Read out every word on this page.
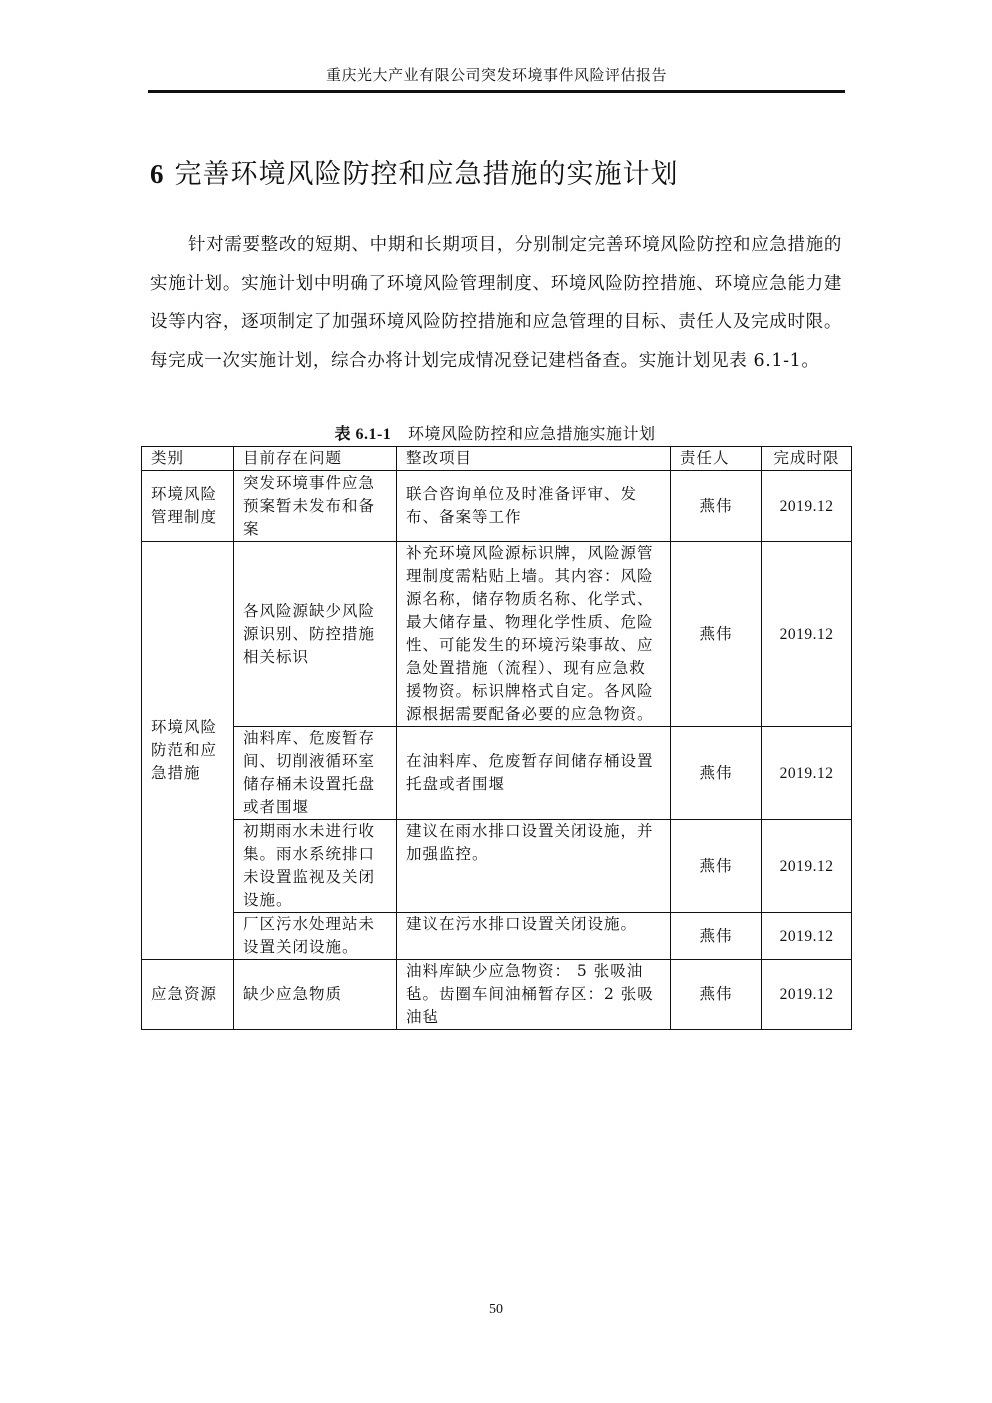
重庆光大产业有限公司突发环境事件风险评估报告
6 完善环境风险防控和应急措施的实施计划

针对需要整改的短期、中期和长期项目，分别制定完善环境风险防控和应急措施的实施计划。实施计划中明确了环境风险管理制度、环境风险防控措施、环境应急能力建设等内容，逐项制定了加强环境风险防控措施和应急管理的目标、责任人及完成时限。每完成一次实施计划，综合办将计划完成情况登记建档备查。实施计划见表 6.1-1。

表 6.1-1 环境风险防控和应急措施实施计划
类别	目前存在问题	整改项目	责任人	完成时限
环境风险管理制度	突发环境事件应急预案暂未发布和备案	联合咨询单位及时准备评审、发布、备案等工作	燕伟	2019.12
环境风险防范和应急措施	各风险源缺少风险源识别、防控措施相关标识	补充环境风险源标识牌，风险源管理制度需粘贴上墙。其内容：风险源名称，储存物质名称、化学式、最大储存量、物理化学性质、危险性、可能发生的环境污染事故、应急处置措施（流程）、现有应急救援物资。标识牌格式自定。各风险源根据需要配备必要的应急物资。	燕伟	2019.12
	油料库、危废暂存间、切削液循环室储存桶未设置托盘或者围堰	在油料库、危废暂存间储存桶设置托盘或者围堰	燕伟	2019.12
	初期雨水未进行收集。雨水系统排口未设置监视及关闭设施。	建议在雨水排口设置关闭设施，并加强监控。	燕伟	2019.12
	厂区污水处理站未设置关闭设施。	建议在污水排口设置关闭设施。	燕伟	2019.12
应急资源	缺少应急物质	油料库缺少应急物资： 5 张吸油毡。齿圈车间油桶暂存区：2 张吸油毡	燕伟	2019.12
50
